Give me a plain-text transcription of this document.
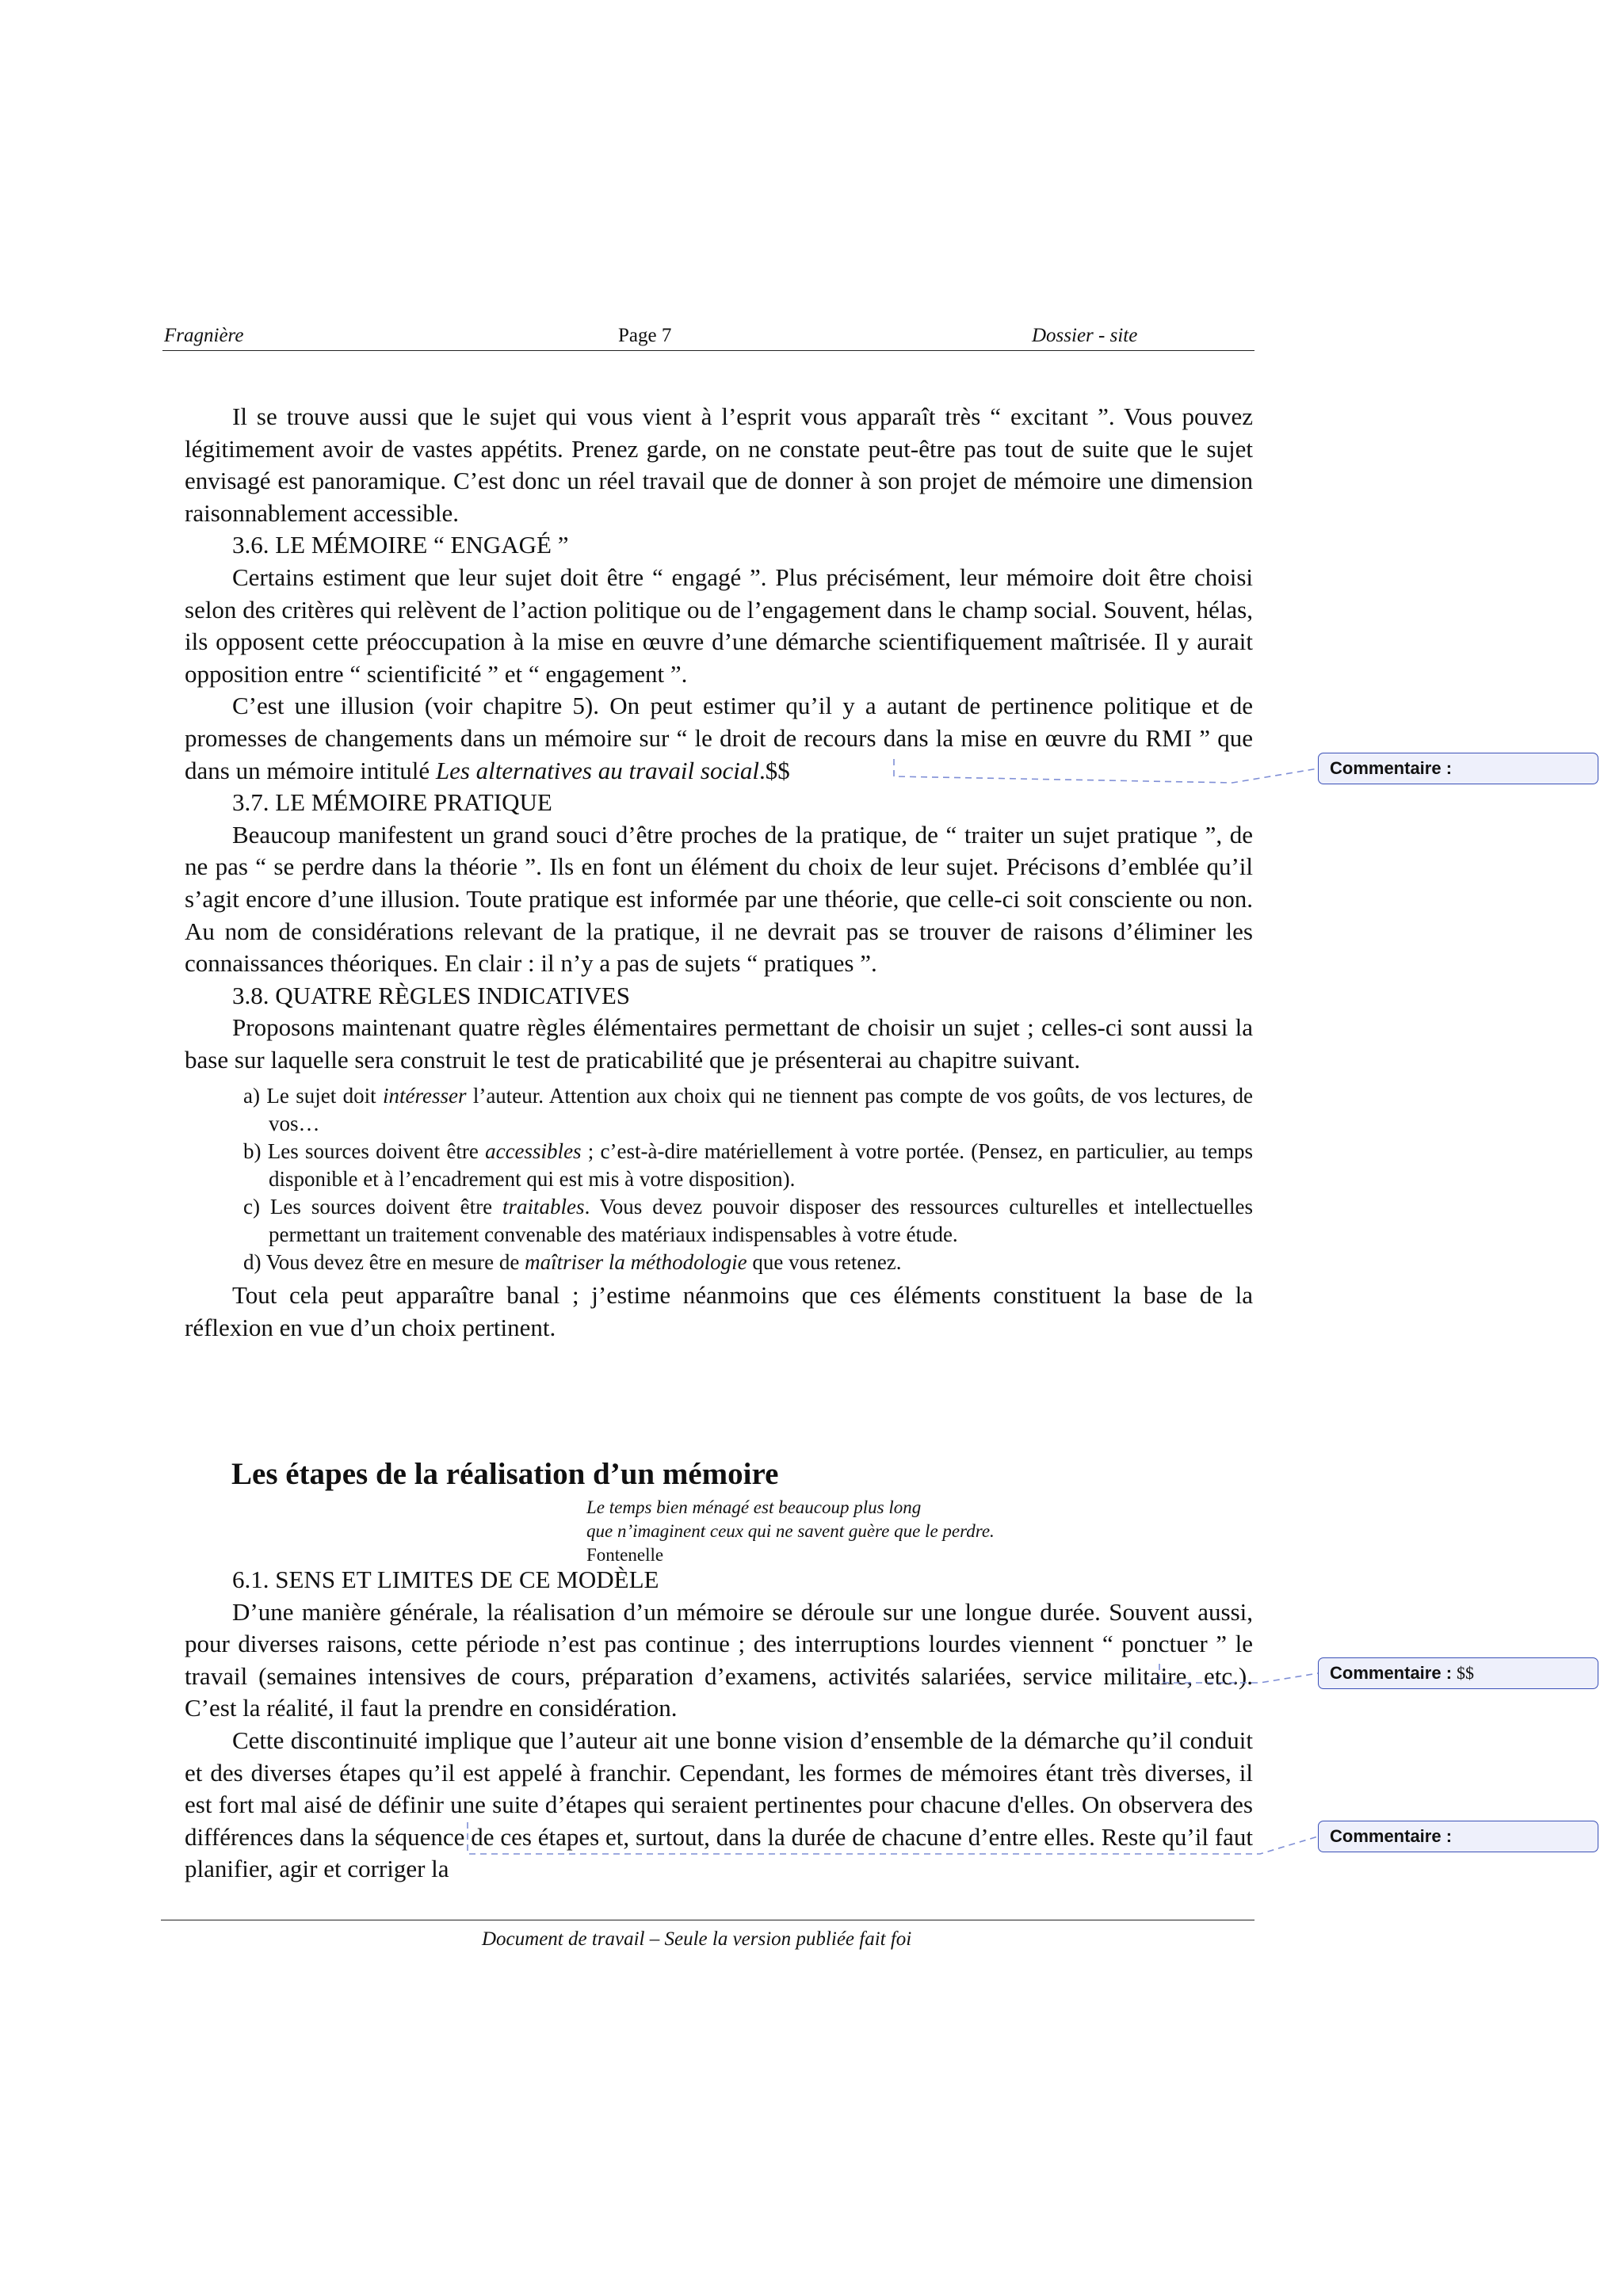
Fragnière	Page 7	Dossier - site

Il se trouve aussi que le sujet qui vous vient à l’esprit vous apparaît très “ excitant ”. Vous pouvez légitimement avoir de vastes appétits. Prenez garde, on ne constate peut-être pas tout de suite que le sujet envisagé est panoramique. C’est donc un réel travail que de donner à son projet de mémoire une dimension raisonnablement accessible.

3.6. LE MÉMOIRE “ ENGAGÉ ”

Certains estiment que leur sujet doit être “ engagé ”. Plus précisément, leur mémoire doit être choisi selon des critères qui relèvent de l’action politique ou de l’engagement dans le champ social. Souvent, hélas, ils opposent cette préoccupation à la mise en œuvre d’une démarche scientifiquement maîtrisée. Il y aurait opposition entre “ scientificité ” et “ engagement ”.

C’est une illusion (voir chapitre 5). On peut estimer qu’il y a autant de pertinence politique et de promesses de changements dans un mémoire sur “ le droit de recours dans la mise en œuvre du RMI ” que dans un mémoire intitulé Les alternatives au travail social.$$

3.7. LE MÉMOIRE PRATIQUE

Beaucoup manifestent un grand souci d’être proches de la pratique, de “ traiter un sujet pratique ”, de ne pas “ se perdre dans la théorie ”. Ils en font un élément du choix de leur sujet. Précisons d’emblée qu’il s’agit encore d’une illusion. Toute pratique est informée par une théorie, que celle-ci soit consciente ou non. Au nom de considérations relevant de la pratique, il ne devrait pas se trouver de raisons d’éliminer les connaissances théoriques. En clair : il n’y a pas de sujets “ pratiques ”.

3.8. QUATRE RÈGLES INDICATIVES

Proposons maintenant quatre règles élémentaires permettant de choisir un sujet ; celles-ci sont aussi la base sur laquelle sera construit le test de praticabilité que je présenterai au chapitre suivant.

a) Le sujet doit intéresser l’auteur. Attention aux choix qui ne tiennent pas compte de vos goûts, de vos lectures, de vos…

b) Les sources doivent être accessibles ; c’est-à-dire matériellement à votre portée. (Pensez, en particulier, au temps disponible et à l’encadrement qui est mis à votre disposition).

c) Les sources doivent être traitables. Vous devez pouvoir disposer des ressources culturelles et intellectuelles permettant un traitement convenable des matériaux indispensables à votre étude.

d) Vous devez être en mesure de maîtriser la méthodologie que vous retenez.

Tout cela peut apparaître banal ; j’estime néanmoins que ces éléments constituent la base de la réflexion en vue d’un choix pertinent.

Les étapes de la réalisation d’un mémoire
Le temps bien ménagé est beaucoup plus long
que n’imaginent ceux qui ne savent guère que le perdre.
Fontenelle

6.1. SENS ET LIMITES DE CE MODÈLE

D’une manière générale, la réalisation d’un mémoire se déroule sur une longue durée. Souvent aussi, pour diverses raisons, cette période n’est pas continue ; des interruptions lourdes viennent “ ponctuer ” le travail (semaines intensives de cours, préparation d’examens, activités salariées, service militaire, etc.). C’est la réalité, il faut la prendre en considération.

Cette discontinuité implique que l’auteur ait une bonne vision d’ensemble de la démarche qu’il conduit et des diverses étapes qu’il est appelé à franchir. Cependant, les formes de mémoires étant très diverses, il est fort mal aisé de définir une suite d’étapes qui seraient pertinentes pour chacune d'elles. On observera des différences dans la séquence de ces étapes et, surtout, dans la durée de chacune d’entre elles. Reste qu’il faut planifier, agir et corriger la

Document de travail – Seule la version publiée fait foi
Commentaire :
Commentaire : $$
Commentaire :
